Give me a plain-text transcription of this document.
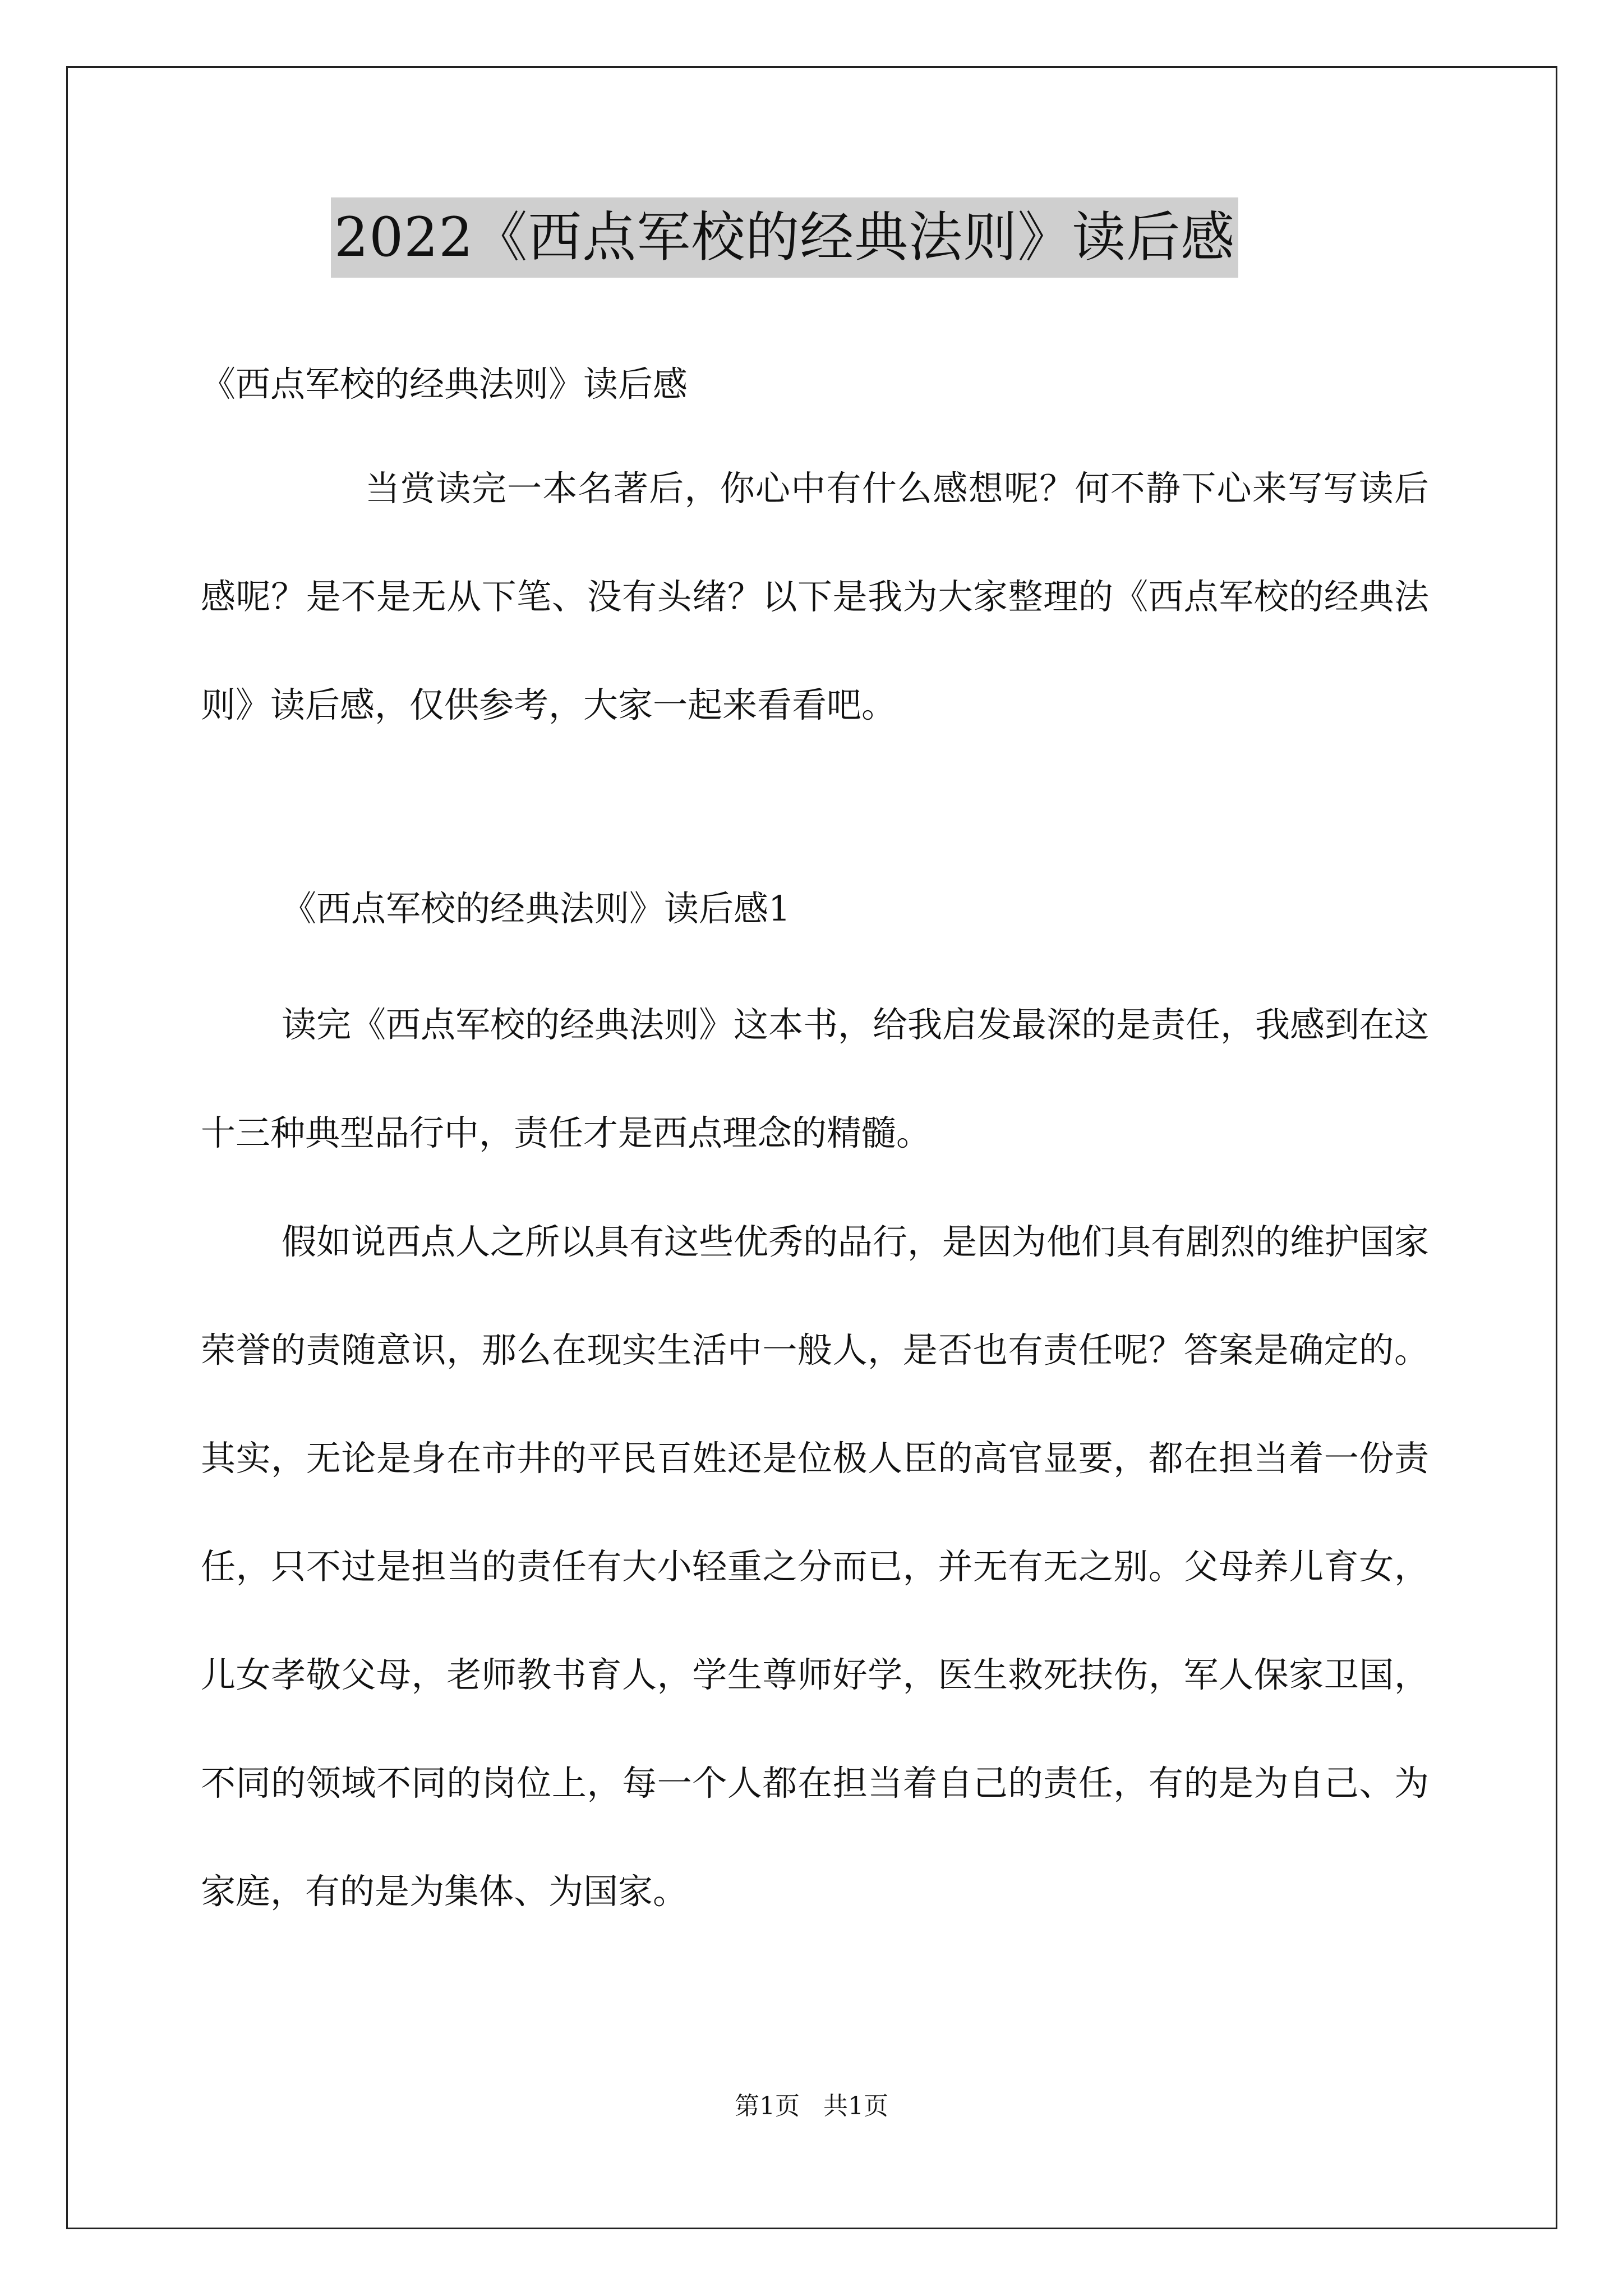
2022《西点军校的经典法则》读后感
《西点军校的经典法则》读后感

当赏读完一本名著后，你心中有什么感想呢？何不静下心来写写读后感呢？是不是无从下笔、没有头绪？以下是我为大家整理的《西点军校的经典法则》读后感，仅供参考，大家一起来看看吧。

《西点军校的经典法则》读后感1

读完《西点军校的经典法则》这本书，给我启发最深的是责任，我感到在这十三种典型品行中，责任才是西点理念的精髓。

假如说西点人之所以具有这些优秀的品行，是因为他们具有剧烈的维护国家荣誉的责随意识，那么在现实生活中一般人，是否也有责任呢？答案是确定的。其实，无论是身在市井的平民百姓还是位极人臣的高官显要，都在担当着一份责任，只不过是担当的责任有大小轻重之分而已，并无有无之别。父母养儿育女，儿女孝敬父母，老师教书育人，学生尊师好学，医生救死扶伤，军人保家卫国，不同的领域不同的岗位上，每一个人都在担当着自己的责任，有的是为自己、为家庭，有的是为集体、为国家。

第1页   共1页
